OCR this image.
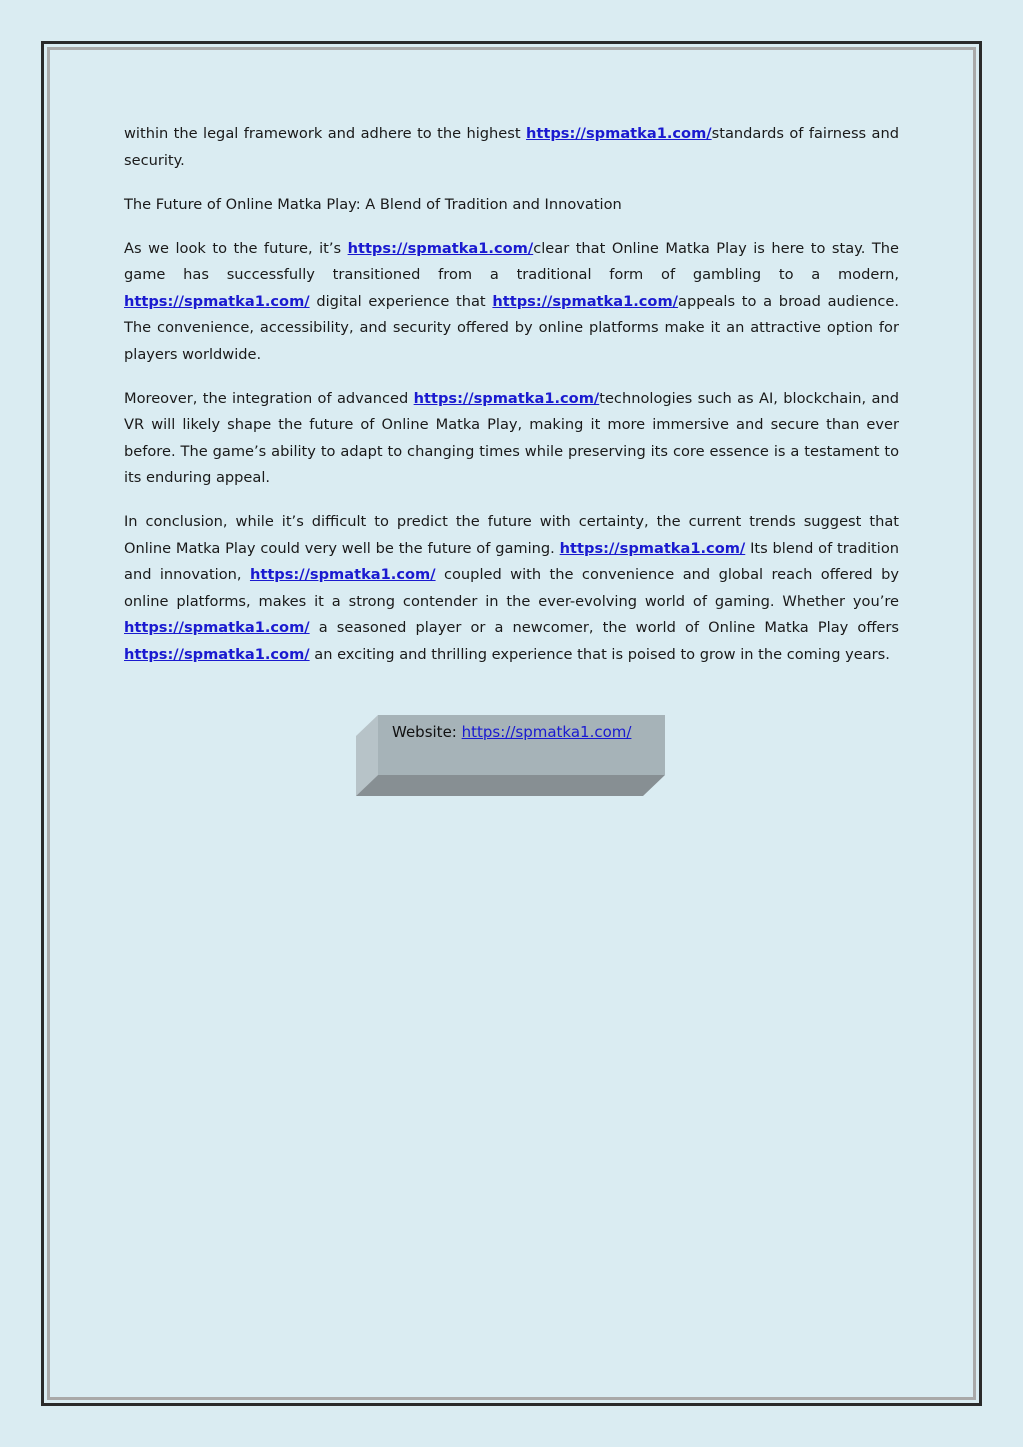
within the legal framework and adhere to the highest https://spmatka1.com/standards of fairness and security.

The Future of Online Matka Play: A Blend of Tradition and Innovation

As we look to the future, it’s https://spmatka1.com/clear that Online Matka Play is here to stay. The game has successfully transitioned from a traditional form of gambling to a modern, https://spmatka1.com/ digital experience that https://spmatka1.com/appeals to a broad audience. The convenience, accessibility, and security offered by online platforms make it an attractive option for players worldwide.

Moreover, the integration of advanced https://spmatka1.com/technologies such as AI, blockchain, and VR will likely shape the future of Online Matka Play, making it more immersive and secure than ever before. The game’s ability to adapt to changing times while preserving its core essence is a testament to its enduring appeal.

In conclusion, while it’s difficult to predict the future with certainty, the current trends suggest that Online Matka Play could very well be the future of gaming. https://spmatka1.com/ Its blend of tradition and innovation, https://spmatka1.com/ coupled with the convenience and global reach offered by online platforms, makes it a strong contender in the ever-evolving world of gaming. Whether you’re https://spmatka1.com/ a seasoned player or a newcomer, the world of Online Matka Play offers https://spmatka1.com/ an exciting and thrilling experience that is poised to grow in the coming years.

Website: https://spmatka1.com/
